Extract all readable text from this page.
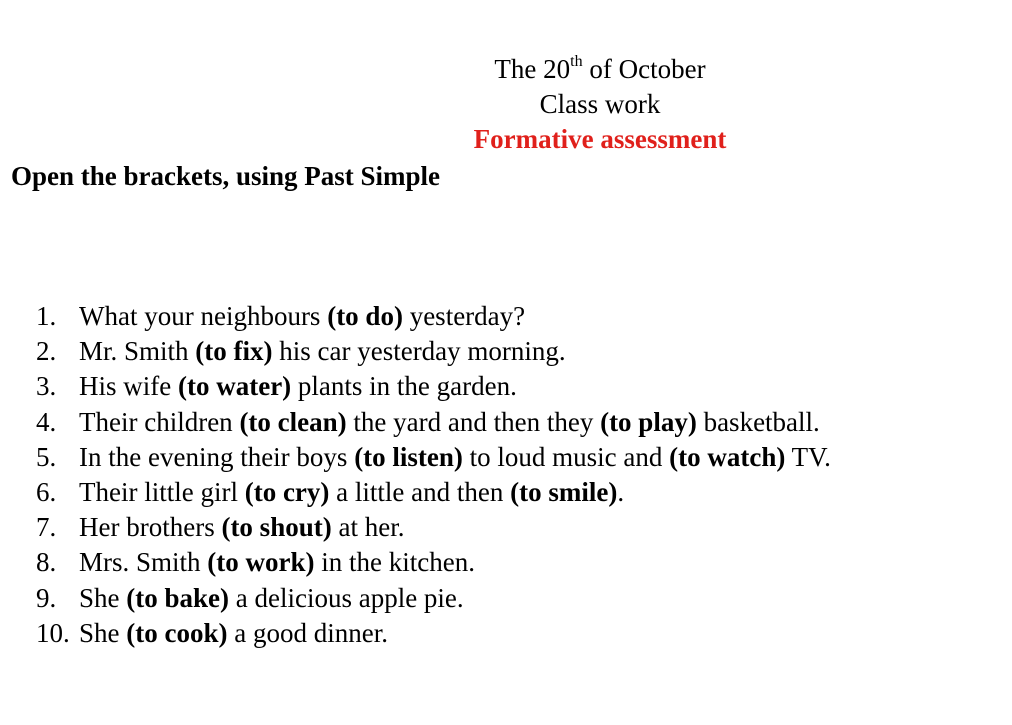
The 20th of October
Class work
Formative assessment
Open the brackets, using Past Simple
1. What your neighbours (to do) yesterday?
2. Mr. Smith (to fix) his car yesterday morning.
3. His wife (to water) plants in the garden.
4. Their children (to clean) the yard and then they (to play) basketball.
5. In the evening their boys (to listen) to loud music and (to watch) TV.
6. Their little girl (to cry) a little and then (to smile).
7. Her brothers (to shout) at her.
8. Mrs. Smith (to work) in the kitchen.
9. She (to bake) a delicious apple pie.
10. She (to cook) a good dinner.
